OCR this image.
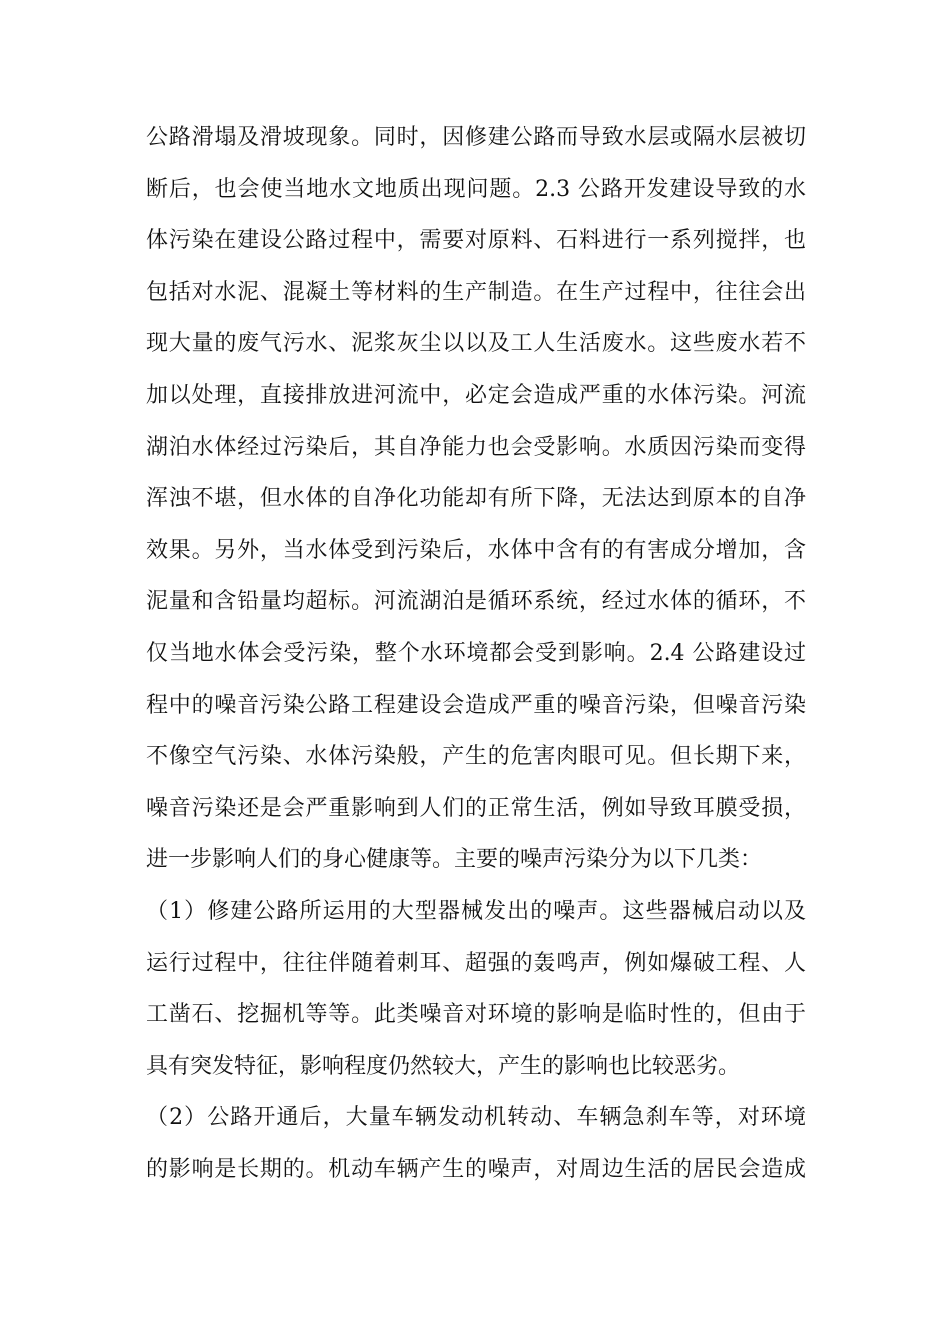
公路滑塌及滑坡现象。同时，因修建公路而导致水层或隔水层被切
断后，也会使当地水文地质出现问题。2.3 公路开发建设导致的水
体污染在建设公路过程中，需要对原料、石料进行一系列搅拌，也
包括对水泥、混凝土等材料的生产制造。在生产过程中，往往会出
现大量的废气污水、泥浆灰尘以以及工人生活废水。这些废水若不
加以处理，直接排放进河流中，必定会造成严重的水体污染。河流
湖泊水体经过污染后，其自净能力也会受影响。水质因污染而变得
浑浊不堪，但水体的自净化功能却有所下降，无法达到原本的自净
效果。另外，当水体受到污染后，水体中含有的有害成分增加，含
泥量和含铅量均超标。河流湖泊是循环系统，经过水体的循环，不
仅当地水体会受污染，整个水环境都会受到影响。2.4 公路建设过
程中的噪音污染公路工程建设会造成严重的噪音污染，但噪音污染
不像空气污染、水体污染般，产生的危害肉眼可见。但长期下来，
噪音污染还是会严重影响到人们的正常生活，例如导致耳膜受损，
进一步影响人们的身心健康等。主要的噪声污染分为以下几类：
（1）修建公路所运用的大型器械发出的噪声。这些器械启动以及
运行过程中，往往伴随着刺耳、超强的轰鸣声，例如爆破工程、人
工凿石、挖掘机等等。此类噪音对环境的影响是临时性的，但由于
具有突发特征，影响程度仍然较大，产生的影响也比较恶劣。
（2）公路开通后，大量车辆发动机转动、车辆急刹车等，对环境
的影响是长期的。机动车辆产生的噪声，对周边生活的居民会造成
